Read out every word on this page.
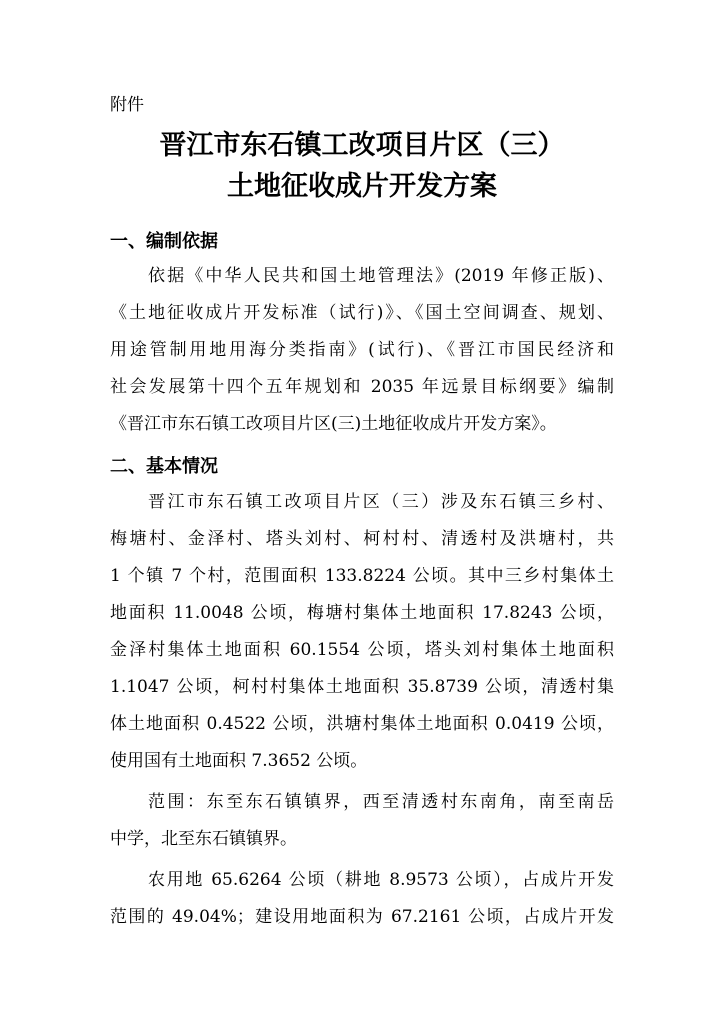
附件
晋江市东石镇工改项目片区（三）
土地征收成片开发方案
一、编制依据
依据《中华人民共和国土地管理法》(2019 年修正版)、
《土地征收成片开发标准（试行)》、《国土空间调查、规划、
用途管制用地用海分类指南》(试行)、《晋江市国民经济和
社会发展第十四个五年规划和 2035 年远景目标纲要》编制
《晋江市东石镇工改项目片区(三)土地征收成片开发方案》。
二、基本情况
晋江市东石镇工改项目片区（三）涉及东石镇三乡村、
梅塘村、金泽村、塔头刘村、柯村村、清透村及洪塘村，共
1 个镇 7 个村，范围面积 133.8224 公顷。其中三乡村集体土
地面积 11.0048 公顷，梅塘村集体土地面积 17.8243 公顷，
金泽村集体土地面积 60.1554 公顷，塔头刘村集体土地面积
1.1047 公顷，柯村村集体土地面积 35.8739 公顷，清透村集
体土地面积 0.4522 公顷，洪塘村集体土地面积 0.0419 公顷，
使用国有土地面积 7.3652 公顷。
范围：东至东石镇镇界，西至清透村东南角，南至南岳
中学，北至东石镇镇界。
农用地 65.6264 公顷（耕地 8.9573 公顷），占成片开发
范围的 49.04%；建设用地面积为 67.2161 公顷，占成片开发
